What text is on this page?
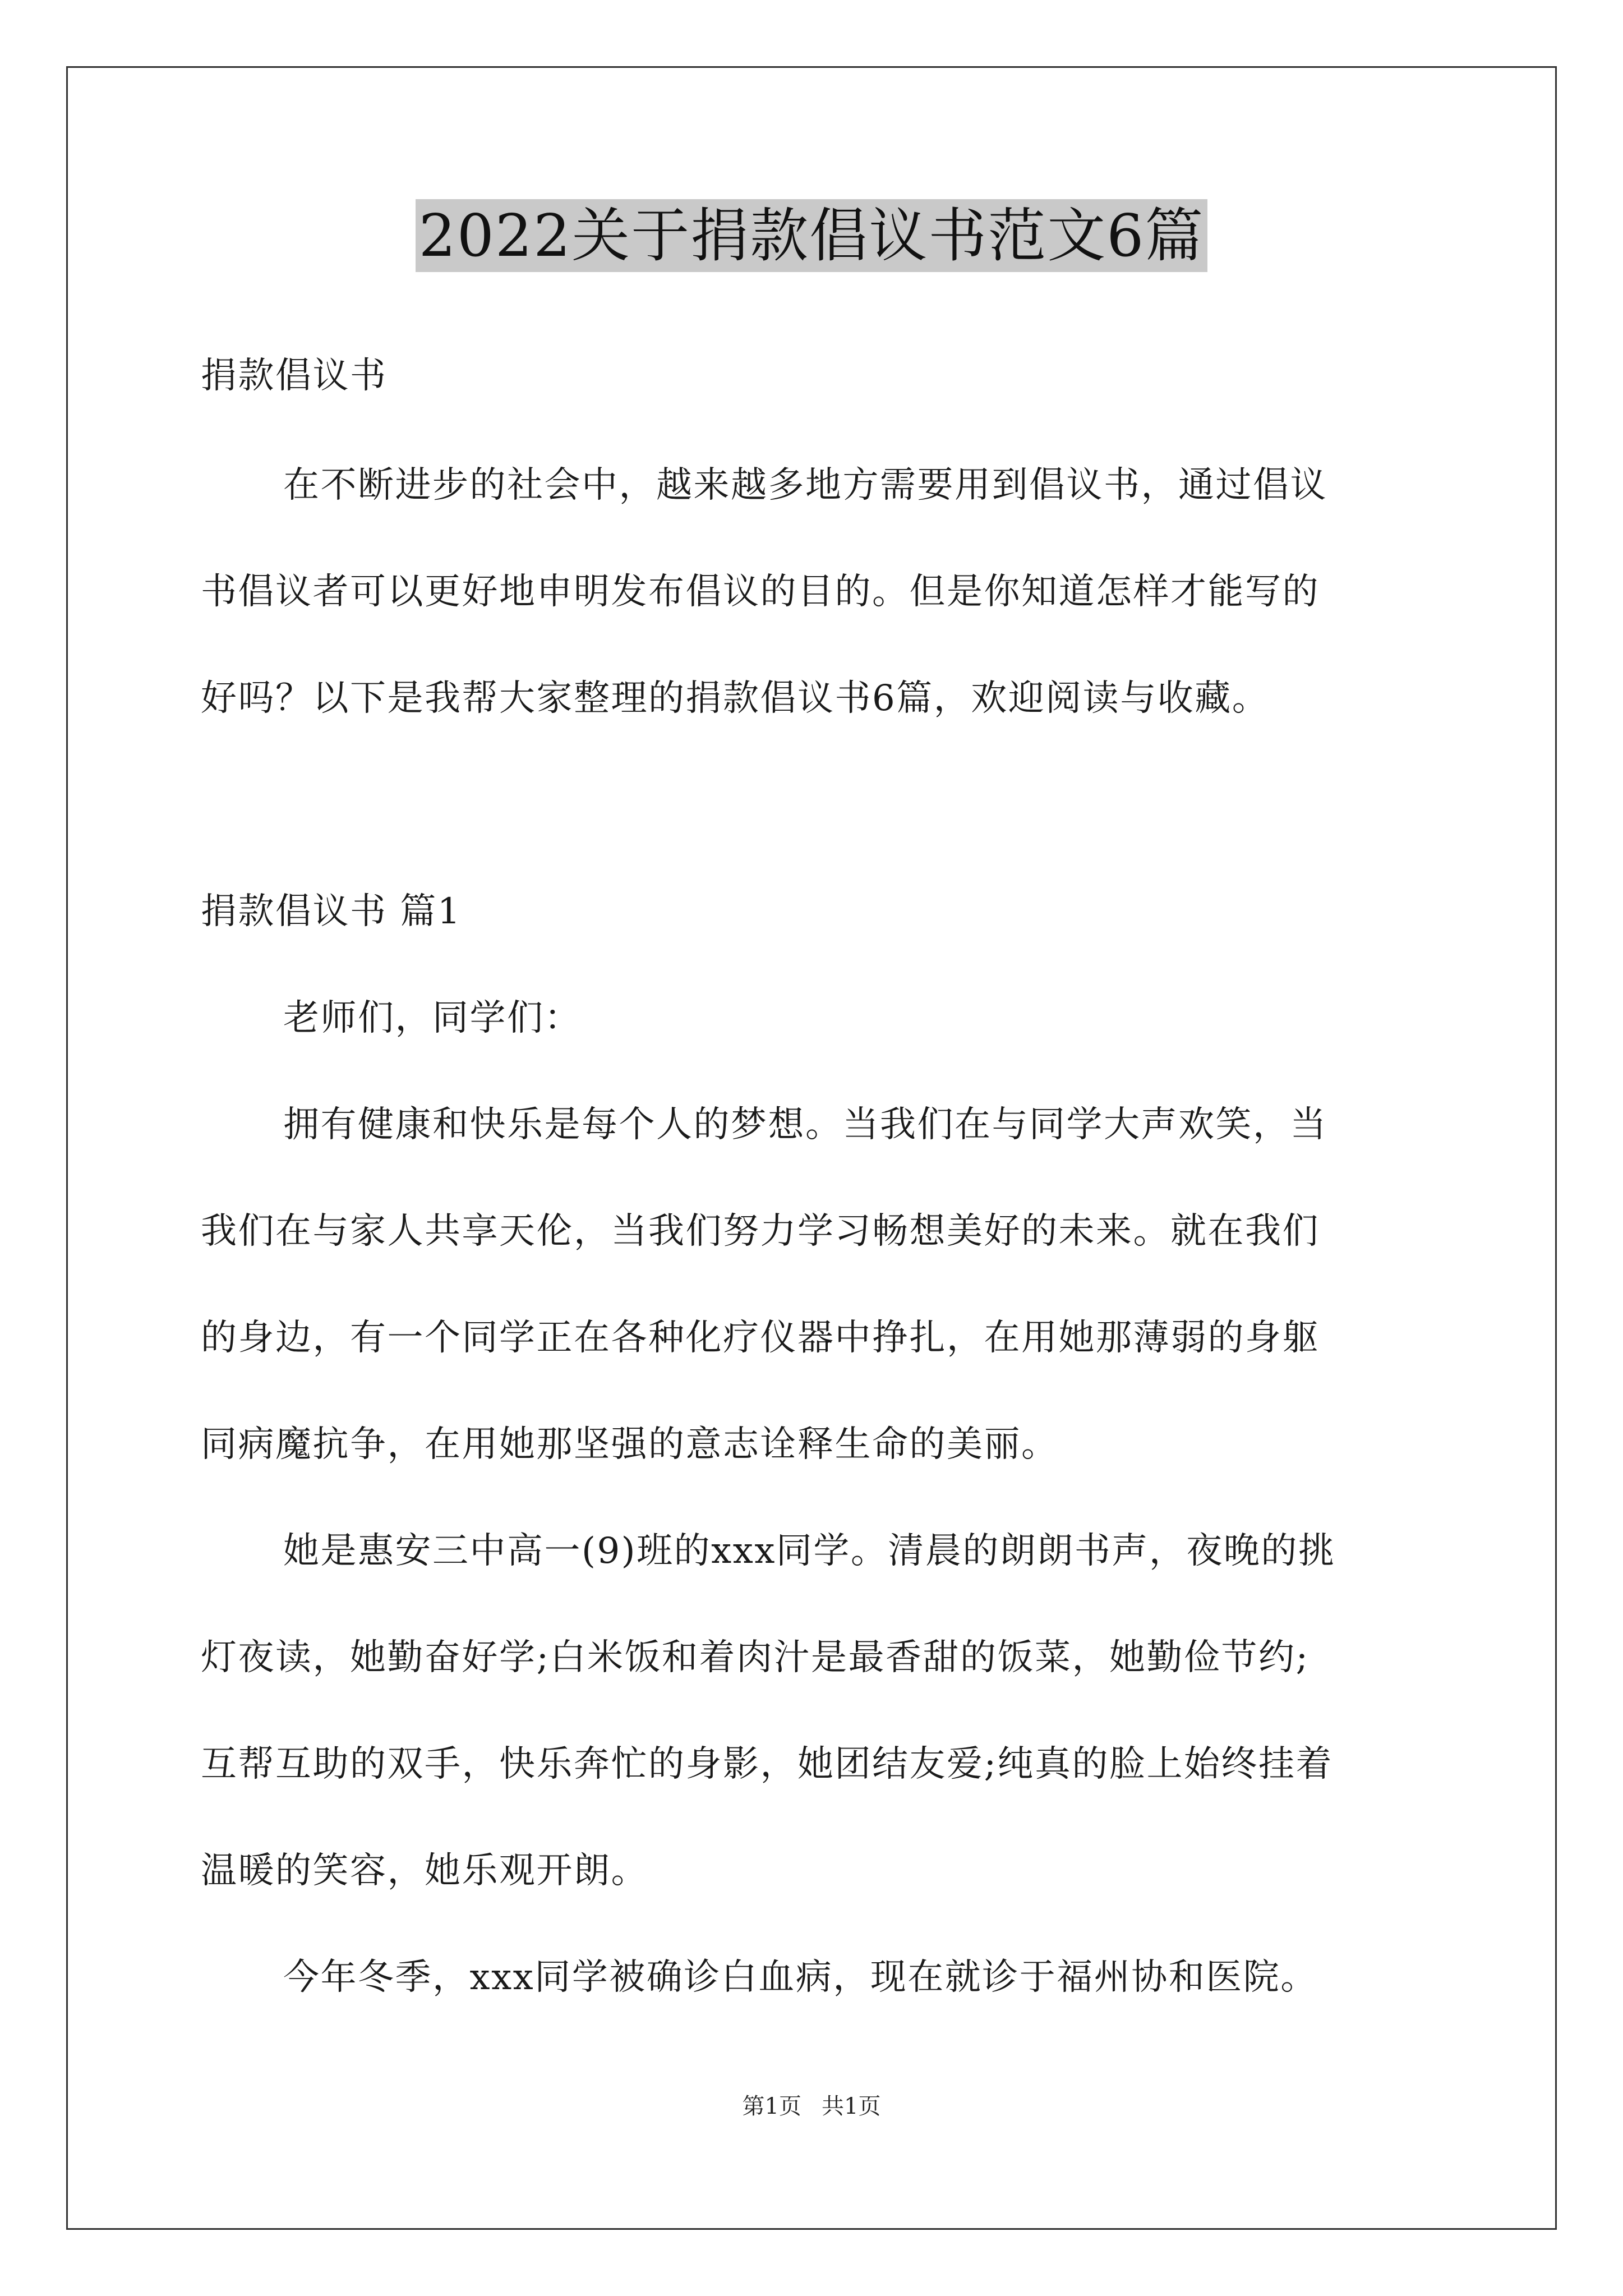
2022关于捐款倡议书范文6篇
捐款倡议书
在不断进步的社会中，越来越多地方需要用到倡议书，通过倡议
书倡议者可以更好地申明发布倡议的目的。但是你知道怎样才能写的
好吗？以下是我帮大家整理的捐款倡议书6篇，欢迎阅读与收藏。
捐款倡议书 篇1
老师们，同学们：
拥有健康和快乐是每个人的梦想。当我们在与同学大声欢笑，当
我们在与家人共享天伦，当我们努力学习畅想美好的未来。就在我们
的身边，有一个同学正在各种化疗仪器中挣扎，在用她那薄弱的身躯
同病魔抗争，在用她那坚强的意志诠释生命的美丽。
她是惠安三中高一(9)班的xxx同学。清晨的朗朗书声，夜晚的挑
灯夜读，她勤奋好学;白米饭和着肉汁是最香甜的饭菜，她勤俭节约;
互帮互助的双手，快乐奔忙的身影，她团结友爱;纯真的脸上始终挂着
温暖的笑容，她乐观开朗。
今年冬季，xxx同学被确诊白血病，现在就诊于福州协和医院。
第1页 共1页
